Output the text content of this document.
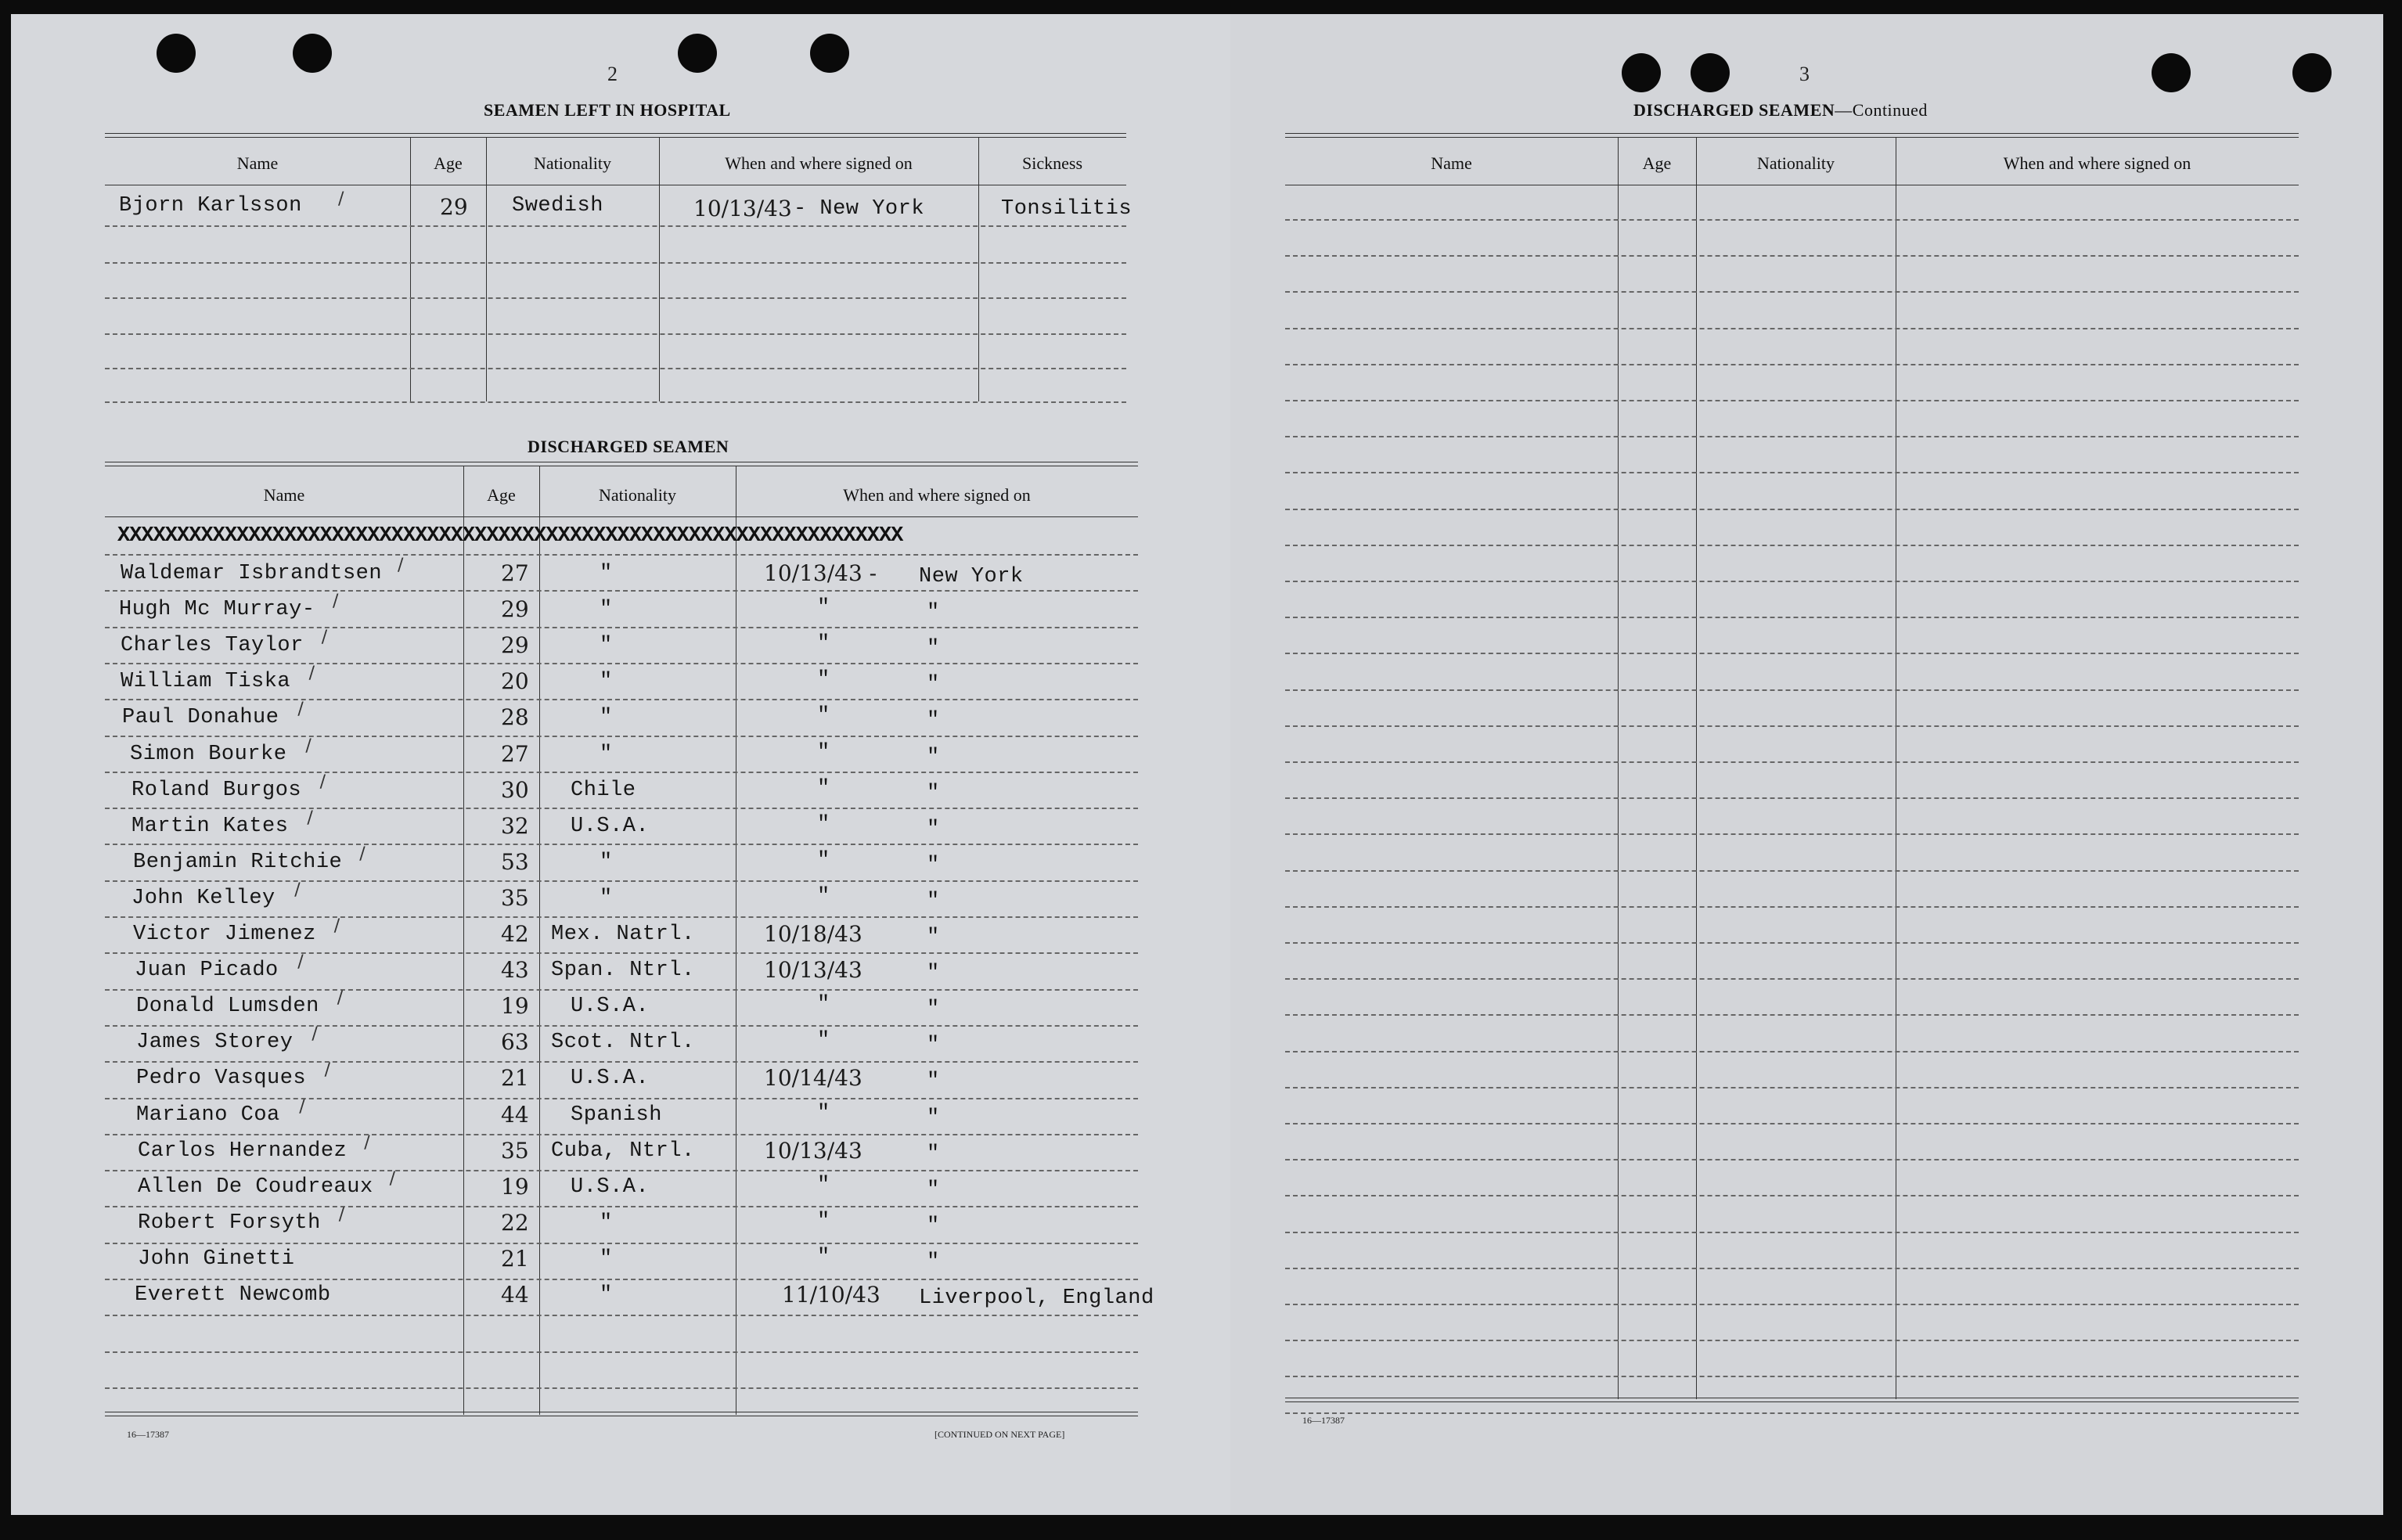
2
SEAMEN LEFT IN HOSPITAL
DISCHARGED SEAMEN
16—17387	[CONTINUED ON NEXT PAGE]
Name	Age	Nationality	When and where signed on	Sickness
Bjorn Karlsson	29 Swedish	10/13/43 - New York	Tonsilitis
/
Name	Age	Nationality	When and where signed on
XXXXXXXXXXXXXXXXXXXXXXXXXXXXXXXXXXXXXXXXXXXXXXXXXXXXXXXXXXXXXXXXXX
Waldemar Isbrandtsen	27	"	10/13/43 - New York
/
Hugh Mc Murray-	29	"	"	"
/
Charles Taylor	29	"	"	"
/
William Tiska	20	"	"	"
/
Paul Donahue	28	"	"	"
/
Simon Bourke	27	"	"	"
/
Roland Burgos	30 Chile	"	"
/
Martin Kates	32 U.S.A.	"	"
/
Benjamin Ritchie	53	"	"	"
/
John Kelley	35	"	"	"
/
Victor Jimenez	42 Mex. Natrl.	10/18/43	"
/
Juan Picado	43 Span. Ntrl.	10/13/43	"
/
Donald Lumsden	19 U.S.A.	"	"
/
James Storey	63 Scot. Ntrl.	"	"
/
Pedro Vasques	21 U.S.A.	10/14/43	"
/
Mariano Coa	44 Spanish	"	"
/
Carlos Hernandez	35 Cuba, Ntrl.	10/13/43	"
/
Allen De Coudreaux	19 U.S.A.	"	"
/
Robert Forsyth	22	"	"	"
/
John Ginetti	21	"	"	"
Everett Newcomb	44	"	11/10/43 Liverpool, England
3
DISCHARGED SEAMEN—Continued
16—17387
Name	Age	Nationality	When and where signed on
